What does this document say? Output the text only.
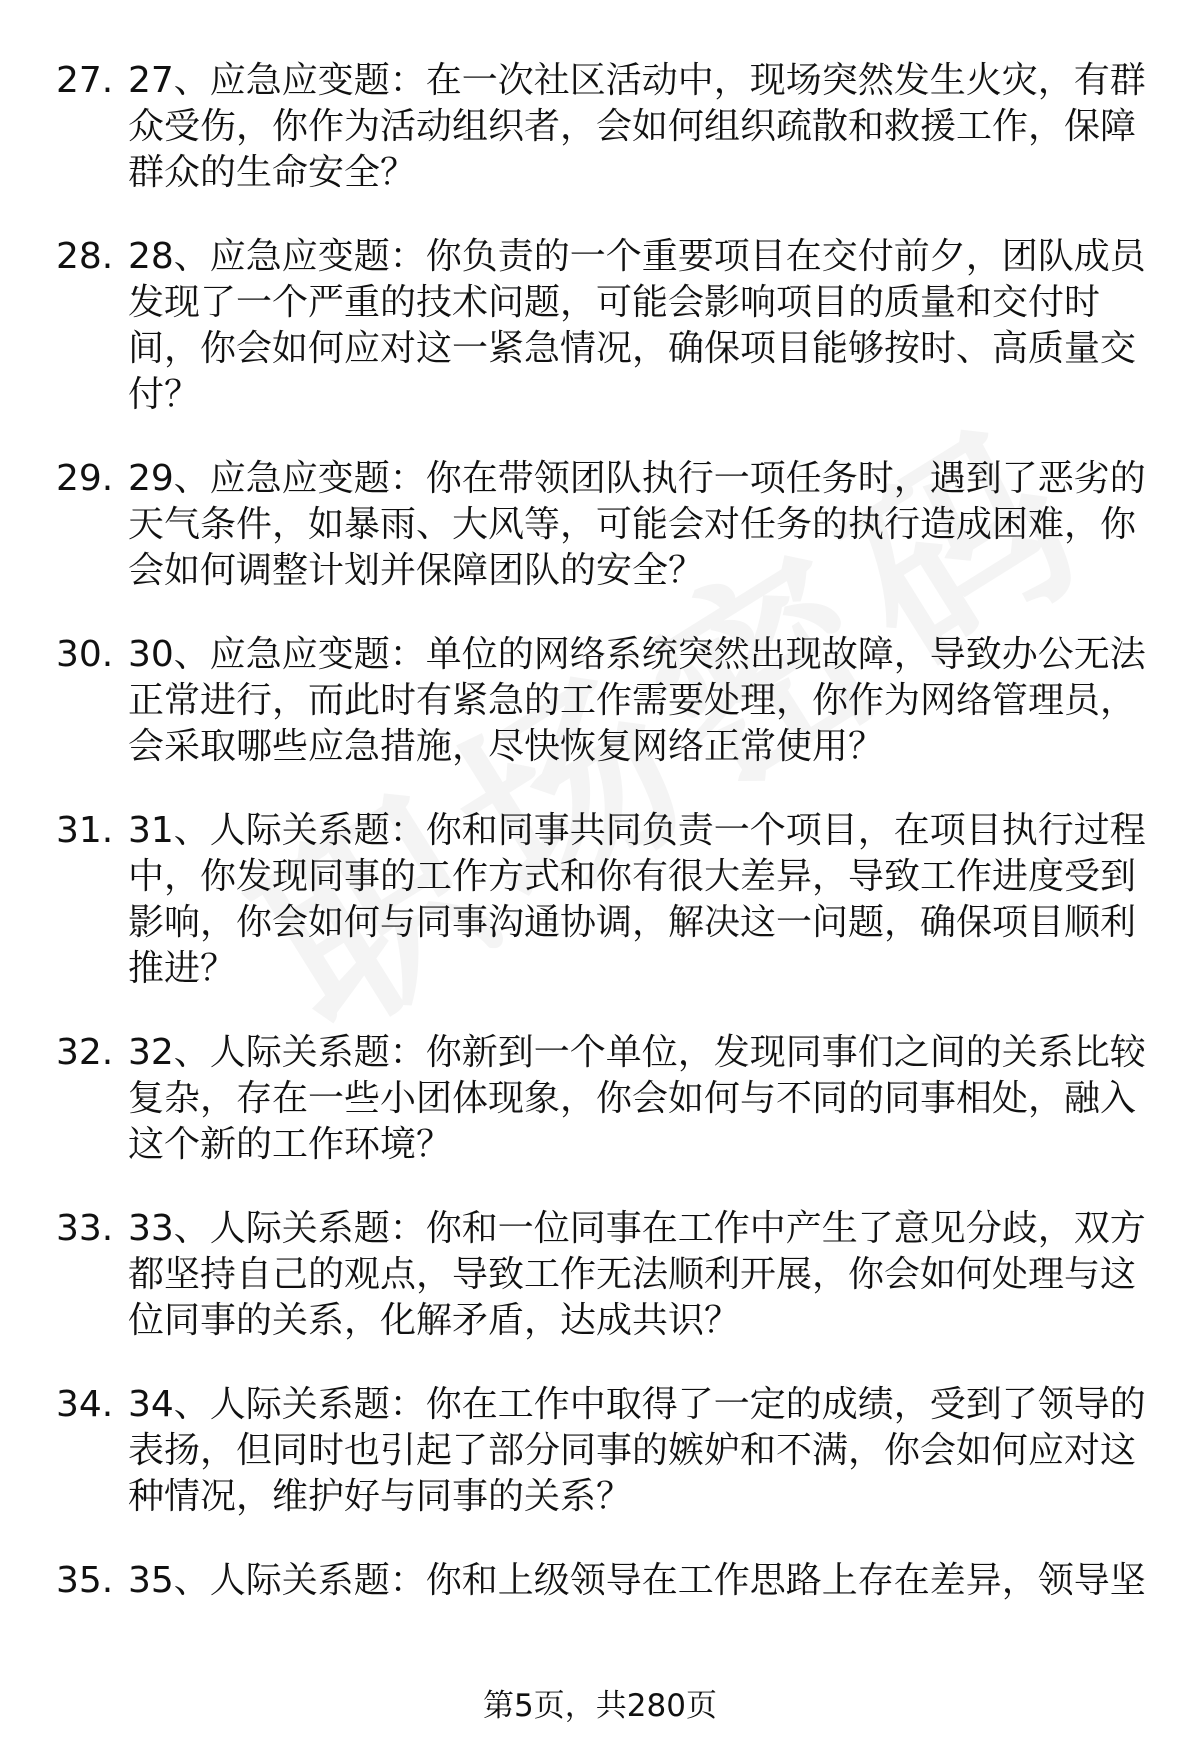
27. 27、应急应变题：在一次社区活动中，现场突然发生火灾，有群众受伤，你作为活动组织者，会如何组织疏散和救援工作，保障群众的生命安全？
28. 28、应急应变题：你负责的一个重要项目在交付前夕，团队成员发现了一个严重的技术问题，可能会影响项目的质量和交付时间，你会如何应对这一紧急情况，确保项目能够按时、高质量交付？
29. 29、应急应变题：你在带领团队执行一项任务时，遇到了恶劣的天气条件，如暴雨、大风等，可能会对任务的执行造成困难，你会如何调整计划并保障团队的安全？
30. 30、应急应变题：单位的网络系统突然出现故障，导致办公无法正常进行，而此时有紧急的工作需要处理，你作为网络管理员，会采取哪些应急措施，尽快恢复网络正常使用？
31. 31、人际关系题：你和同事共同负责一个项目，在项目执行过程中，你发现同事的工作方式和你有很大差异，导致工作进度受到影响，你会如何与同事沟通协调，解决这一问题，确保项目顺利推进？
32. 32、人际关系题：你新到一个单位，发现同事们之间的关系比较复杂，存在一些小团体现象，你会如何与不同的同事相处，融入这个新的工作环境？
33. 33、人际关系题：你和一位同事在工作中产生了意见分歧，双方都坚持自己的观点，导致工作无法顺利开展，你会如何处理与这位同事的关系，化解矛盾，达成共识？
34. 34、人际关系题：你在工作中取得了一定的成绩，受到了领导的表扬，但同时也引起了部分同事的嫉妒和不满，你会如何应对这种情况，维护好与同事的关系？
35. 35、人际关系题：你和上级领导在工作思路上存在差异，领导坚
第5页，共280页
